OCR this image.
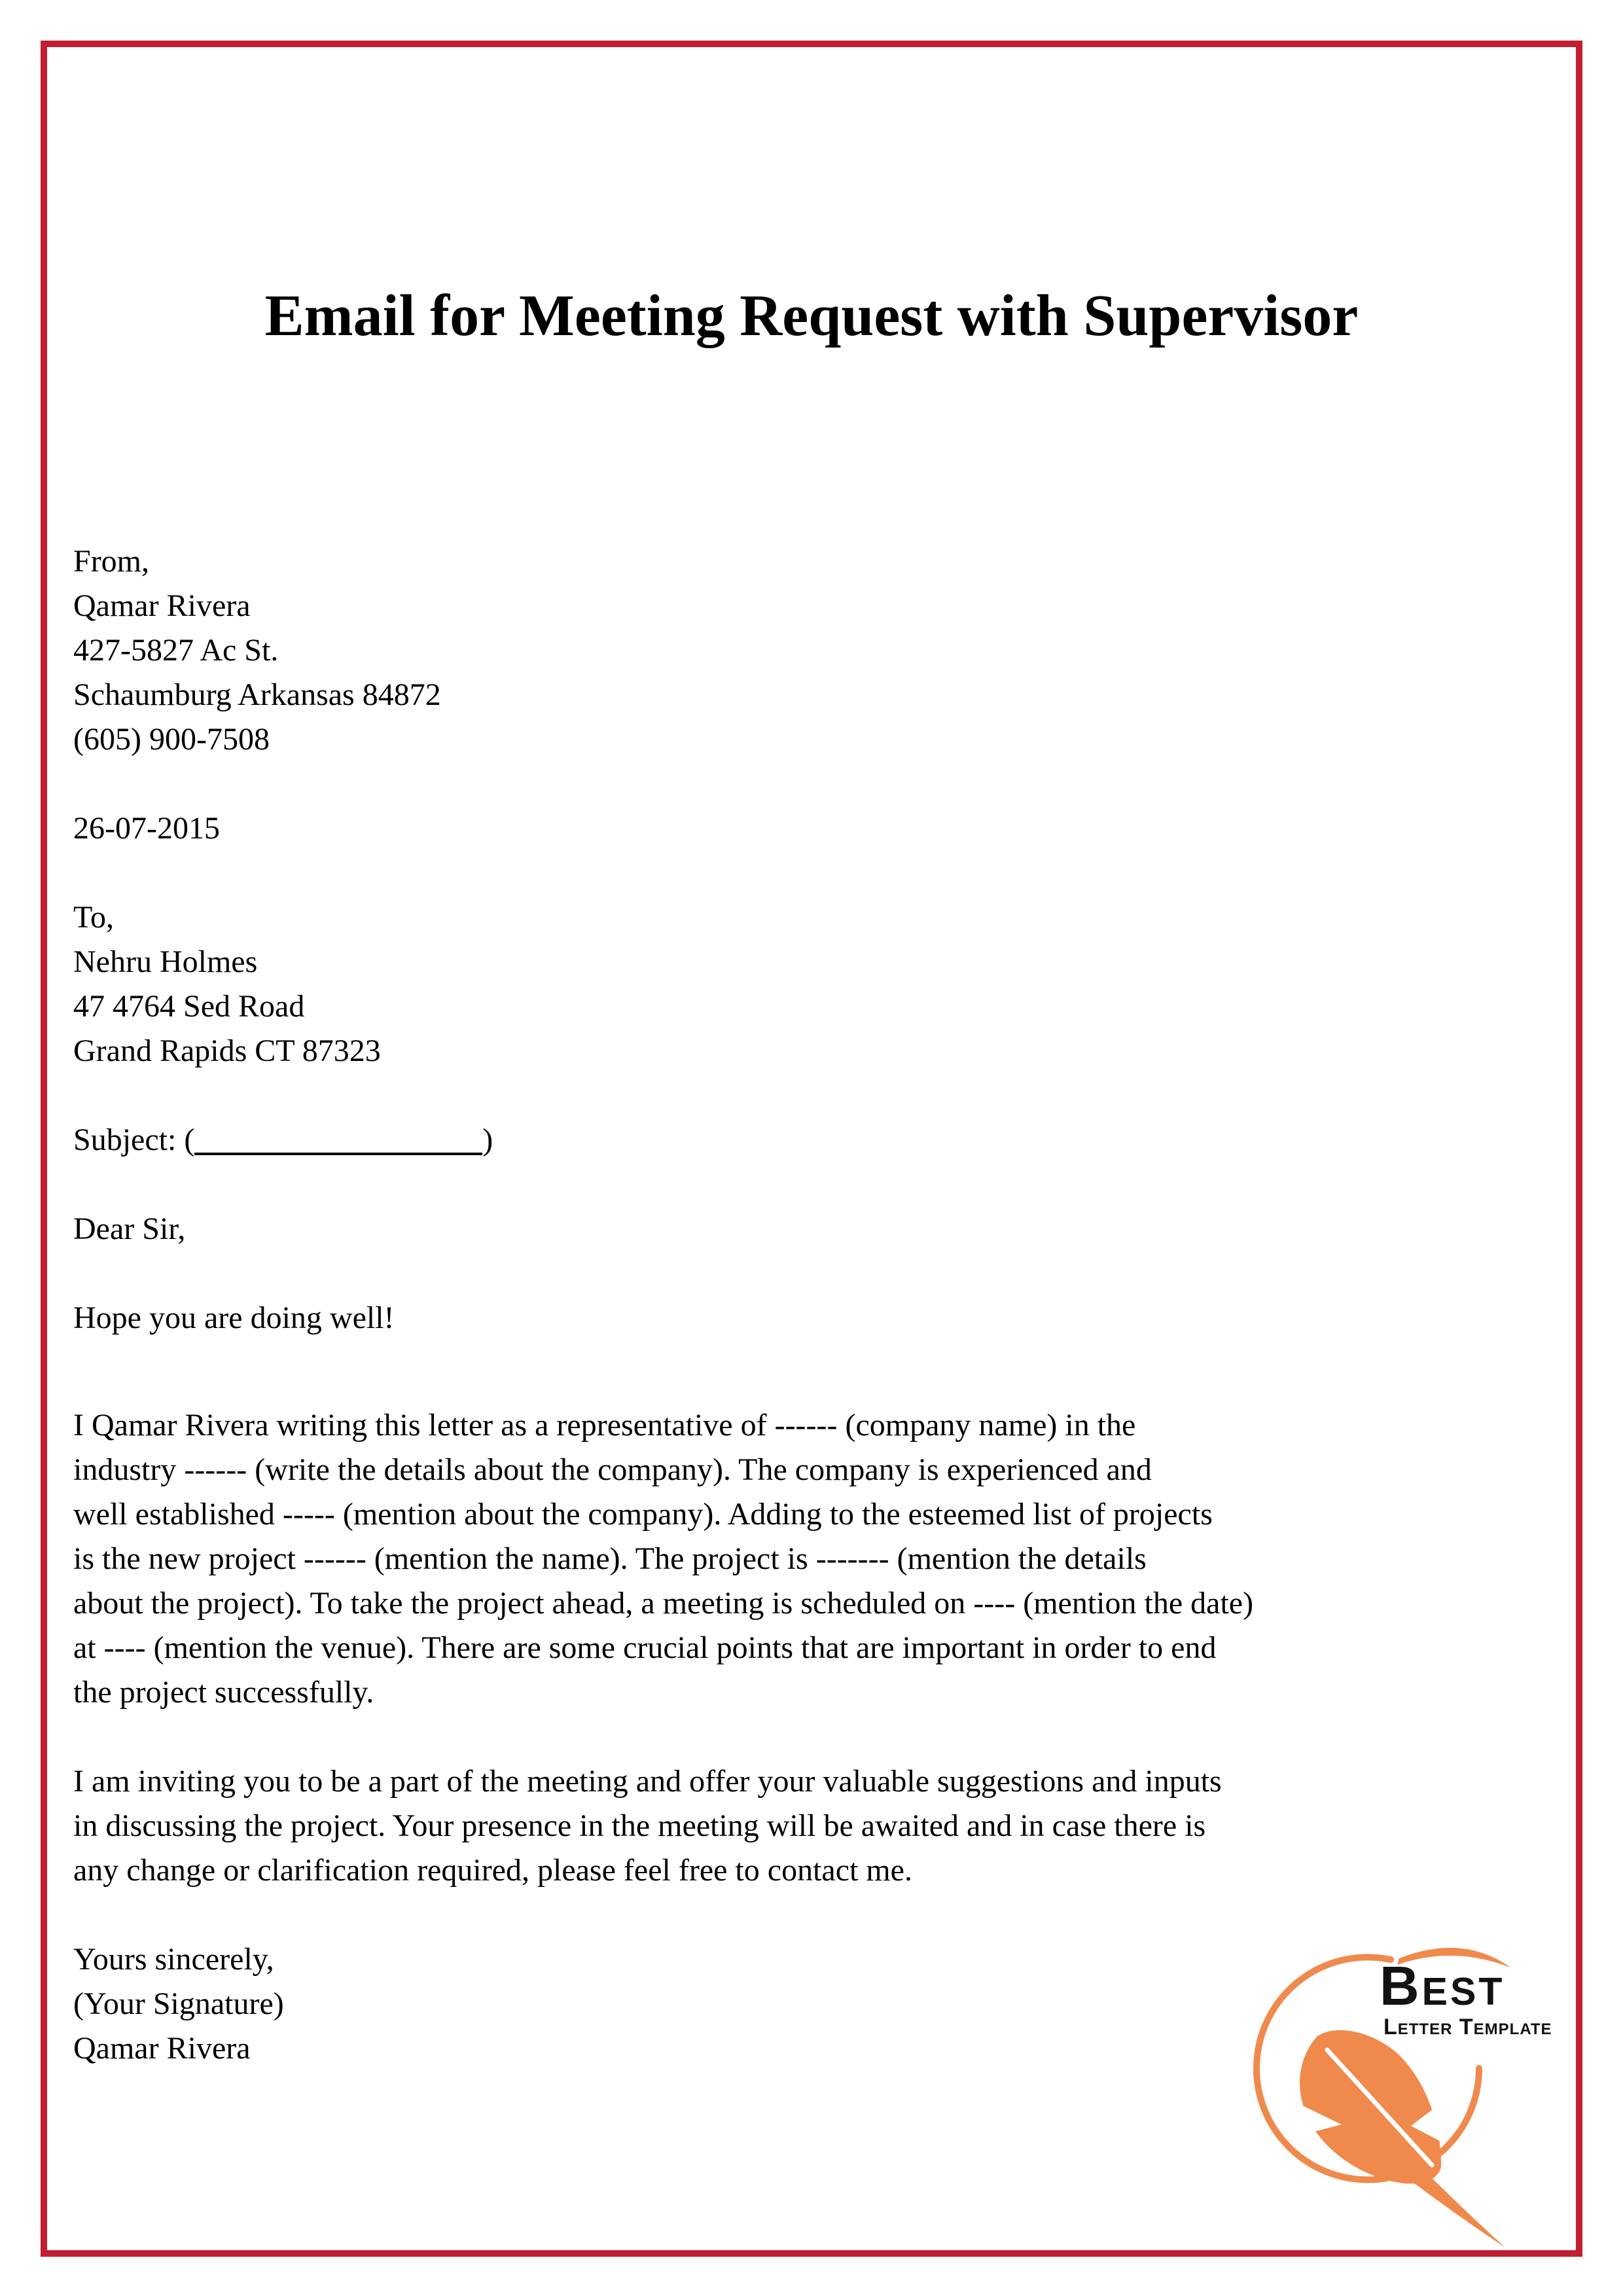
Email for Meeting Request with Supervisor
From,
Qamar Rivera
427-5827 Ac St.
Schaumburg Arkansas 84872
(605) 900-7508
26-07-2015
To,
Nehru Holmes
47 4764 Sed Road
Grand Rapids CT 87323
Subject: (	)
Dear Sir,
Hope you are doing well!
I Qamar Rivera writing this letter as a representative of ------ (company name) in the
industry ------ (write the details about the company). The company is experienced and
well established ----- (mention about the company). Adding to the esteemed list of projects
is the new project ------ (mention the name). The project is ------- (mention the details
about the project). To take the project ahead, a meeting is scheduled on ---- (mention the date)
at ---- (mention the venue). There are some crucial points that are important in order to end
the project successfully.
I am inviting you to be a part of the meeting and offer your valuable suggestions and inputs
in discussing the project. Your presence in the meeting will be awaited and in case there is
any change or clarification required, please feel free to contact me.
Yours sincerely,
(Your Signature)
Qamar Rivera
Best
Letter Template
